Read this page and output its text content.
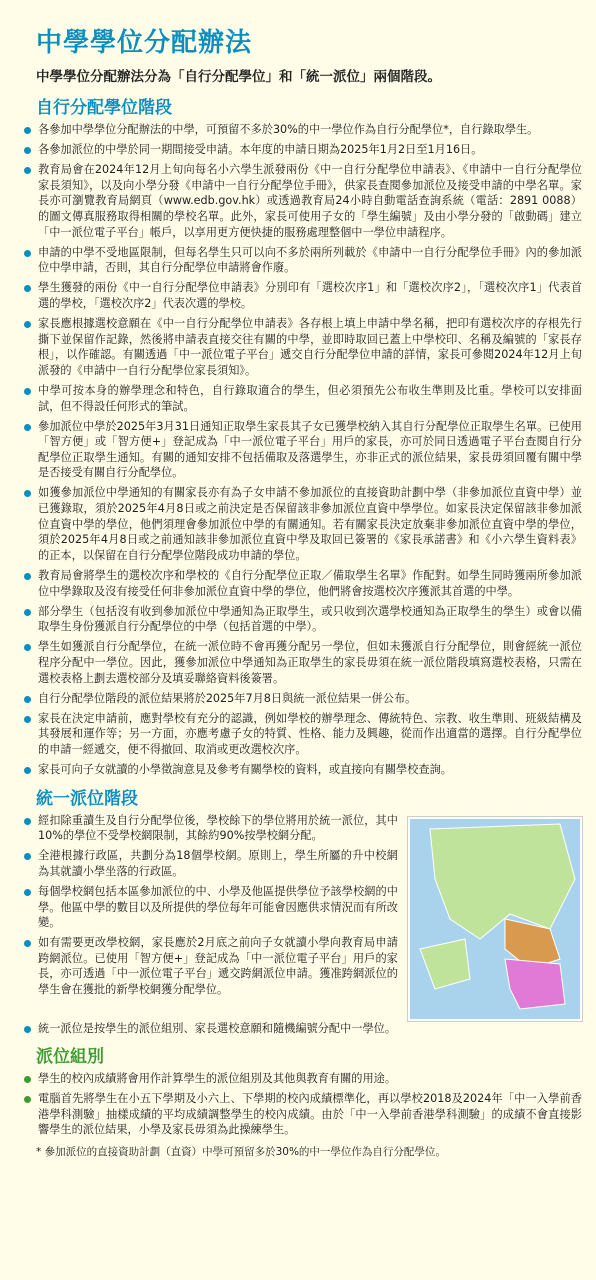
中學學位分配辦法
中學學位分配辦法分為「自行分配學位」和「統一派位」兩個階段。
自行分配學位階段
各參加中學學位分配辦法的中學，可預留不多於30%的中一學位作為自行分配學位*，自行錄取學生。
各參加派位的中學於同一期間接受申請。本年度的申請日期為2025年1月2日至1月16日。
教育局會在2024年12月上旬向每名小六學生派發兩份《中一自行分配學位申請表》、《申請中一自行分配學位家長須知》，以及向小學分發《申請中一自行分配學位手冊》，供家長查閱參加派位及接受申請的中學名單。家長亦可瀏覽教育局網頁（www.edb.gov.hk）或透過教育局24小時自動電話查詢系統（電話：2891 0088）的圖文傳真服務取得相關的學校名單。此外，家長可使用子女的「學生編號」及由小學分發的「啟動碼」建立「中一派位電子平台」帳戶，以享用更方便快捷的服務處理整個中一學位申請程序。
申請的中學不受地區限制，但每名學生只可以向不多於兩所列載於《申請中一自行分配學位手冊》內的參加派位中學申請，否則，其自行分配學位申請將會作廢。
學生獲發的兩份《中一自行分配學位申請表》分別印有「選校次序1」和「選校次序2」，「選校次序1」代表首選的學校，「選校次序2」代表次選的學校。
家長應根據選校意願在《中一自行分配學位申請表》各存根上填上申請中學名稱，把印有選校次序的存根先行撕下並保留作記錄，然後將申請表直接交往有關的中學，並即時取回已蓋上中學校印、名稱及編號的「家長存根」，以作確認。有關透過「中一派位電子平台」遞交自行分配學位申請的詳情，家長可參閱2024年12月上旬派發的《申請中一自行分配學位家長須知》。
中學可按本身的辦學理念和特色，自行錄取適合的學生，但必須預先公布收生準則及比重。學校可以安排面試，但不得設任何形式的筆試。
參加派位中學於2025年3月31日通知正取學生家長其子女已獲學校納入其自行分配學位正取學生名單。已使用「智方便」或「智方便+」登記成為「中一派位電子平台」用戶的家長，亦可於同日透過電子平台查閱自行分配學位正取學生通知。有關的通知安排不包括備取及落選學生，亦非正式的派位結果，家長毋須回覆有關中學是否接受有關自行分配學位。
如獲參加派位中學通知的有關家長亦有為子女申請不參加派位的直接資助計劃中學（非參加派位直資中學）並已獲錄取，須於2025年4月8日或之前決定是否保留該非參加派位直資中學學位。如家長決定保留該非參加派位直資中學的學位，他們須理會參加派位中學的有關通知。若有關家長決定放棄非參加派位直資中學的學位，須於2025年4月8日或之前通知該非參加派位直資中學及取回已簽署的《家長承諾書》和《小六學生資料表》的正本，以保留在自行分配學位階段成功申請的學位。
教育局會將學生的選校次序和學校的《自行分配學位正取／備取學生名單》作配對。如學生同時獲兩所參加派位中學錄取及沒有接受任何非參加派位直資中學的學位，他們將會按選校次序獲派其首選的中學。
部分學生（包括沒有收到參加派位中學通知為正取學生，或只收到次選學校通知為正取學生的學生）或會以備取學生身份獲派自行分配學位的中學（包括首選的中學）。
學生如獲派自行分配學位，在統一派位時不會再獲分配另一學位，但如未獲派自行分配學位，則會經統一派位程序分配中一學位。因此，獲參加派位中學通知為正取學生的家長毋須在統一派位階段填寫選校表格，只需在選校表格上劃去選校部分及填妥聯絡資料後簽署。
自行分配學位階段的派位結果將於2025年7月8日與統一派位結果一併公布。
家長在決定申請前，應對學校有充分的認識，例如學校的辦學理念、傳統特色、宗教、收生準則、班級結構及其發展和運作等；另一方面，亦應考慮子女的特質、性格、能力及興趣，從而作出適當的選擇。自行分配學位的申請一經遞交，便不得撤回、取消或更改選校次序。
家長可向子女就讀的小學徵詢意見及參考有關學校的資料，或直接向有關學校查詢。
統一派位階段
經扣除重讀生及自行分配學位後，學校餘下的學位將用於統一派位，其中10%的學位不受學校網限制，其餘約90%按學校網分配。
全港根據行政區，共劃分為18個學校網。原則上，學生所屬的升中校網為其就讀小學坐落的行政區。
每個學校網包括本區參加派位的中、小學及他區提供學位予該學校網的中學。他區中學的數目以及所提供的學位每年可能會因應供求情況而有所改變。
如有需要更改學校網，家長應於2月底之前向子女就讀小學向教育局申請跨網派位。已使用「智方便+」登記成為「中一派位電子平台」用戶的家長，亦可透過「中一派位電子平台」遞交跨網派位申請。獲准跨網派位的學生會在獲批的新學校網獲分配學位。
統一派位是按學生的派位組別、家長選校意願和隨機編號分配中一學位。
派位組別
學生的校內成績將會用作計算學生的派位組別及其他與教育有關的用途。
電腦首先將學生在小五下學期及小六上、下學期的校內成績標準化，再以學校2018及2024年「中一入學前香港學科測驗」抽樣成績的平均成績調整學生的校內成績。由於「中一入學前香港學科測驗」的成績不會直接影響學生的派位結果，小學及家長毋須為此操練學生。
* 參加派位的直接資助計劃（直資）中學可預留多於30%的中一學位作為自行分配學位。
